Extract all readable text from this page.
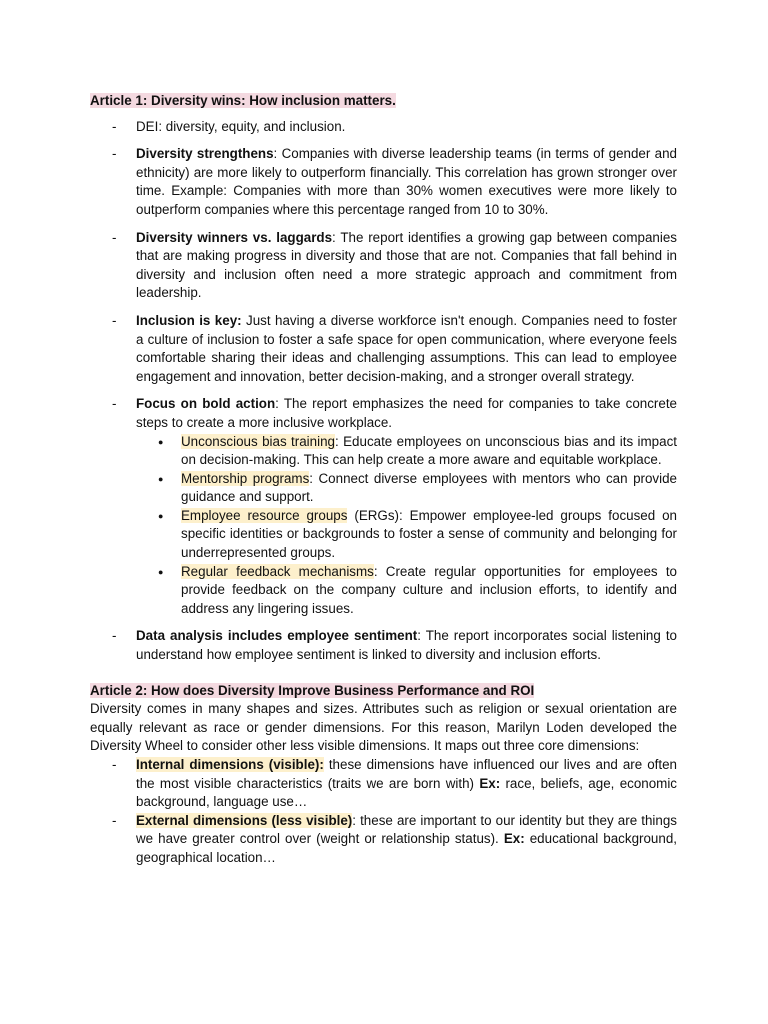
Article 1: Diversity wins: How inclusion matters.

- DEI: diversity, equity, and inclusion.
- Diversity strengthens: Companies with diverse leadership teams (in terms of gender and ethnicity) are more likely to outperform financially. This correlation has grown stronger over time. Example: Companies with more than 30% women executives were more likely to outperform companies where this percentage ranged from 10 to 30%.
- Diversity winners vs. laggards: The report identifies a growing gap between companies that are making progress in diversity and those that are not. Companies that fall behind in diversity and inclusion often need a more strategic approach and commitment from leadership.
- Inclusion is key: Just having a diverse workforce isn't enough. Companies need to foster a culture of inclusion to foster a safe space for open communication, where everyone feels comfortable sharing their ideas and challenging assumptions. This can lead to employee engagement and innovation, better decision-making, and a stronger overall strategy.
- Focus on bold action: The report emphasizes the need for companies to take concrete steps to create a more inclusive workplace.
● Unconscious bias training: Educate employees on unconscious bias and its impact on decision-making. This can help create a more aware and equitable workplace.
● Mentorship programs: Connect diverse employees with mentors who can provide guidance and support.
● Employee resource groups (ERGs): Empower employee-led groups focused on specific identities or backgrounds to foster a sense of community and belonging for underrepresented groups.
● Regular feedback mechanisms: Create regular opportunities for employees to provide feedback on the company culture and inclusion efforts, to identify and address any lingering issues.
- Data analysis includes employee sentiment: The report incorporates social listening to understand how employee sentiment is linked to diversity and inclusion efforts.

Article 2: How does Diversity Improve Business Performance and ROI

Diversity comes in many shapes and sizes. Attributes such as religion or sexual orientation are equally relevant as race or gender dimensions. For this reason, Marilyn Loden developed the Diversity Wheel to consider other less visible dimensions. It maps out three core dimensions:

- Internal dimensions (visible): these dimensions have influenced our lives and are often the most visible characteristics (traits we are born with) Ex: race, beliefs, age, economic background, language use…
- External dimensions (less visible): these are important to our identity but they are things we have greater control over (weight or relationship status). Ex: educational background, geographical location…
